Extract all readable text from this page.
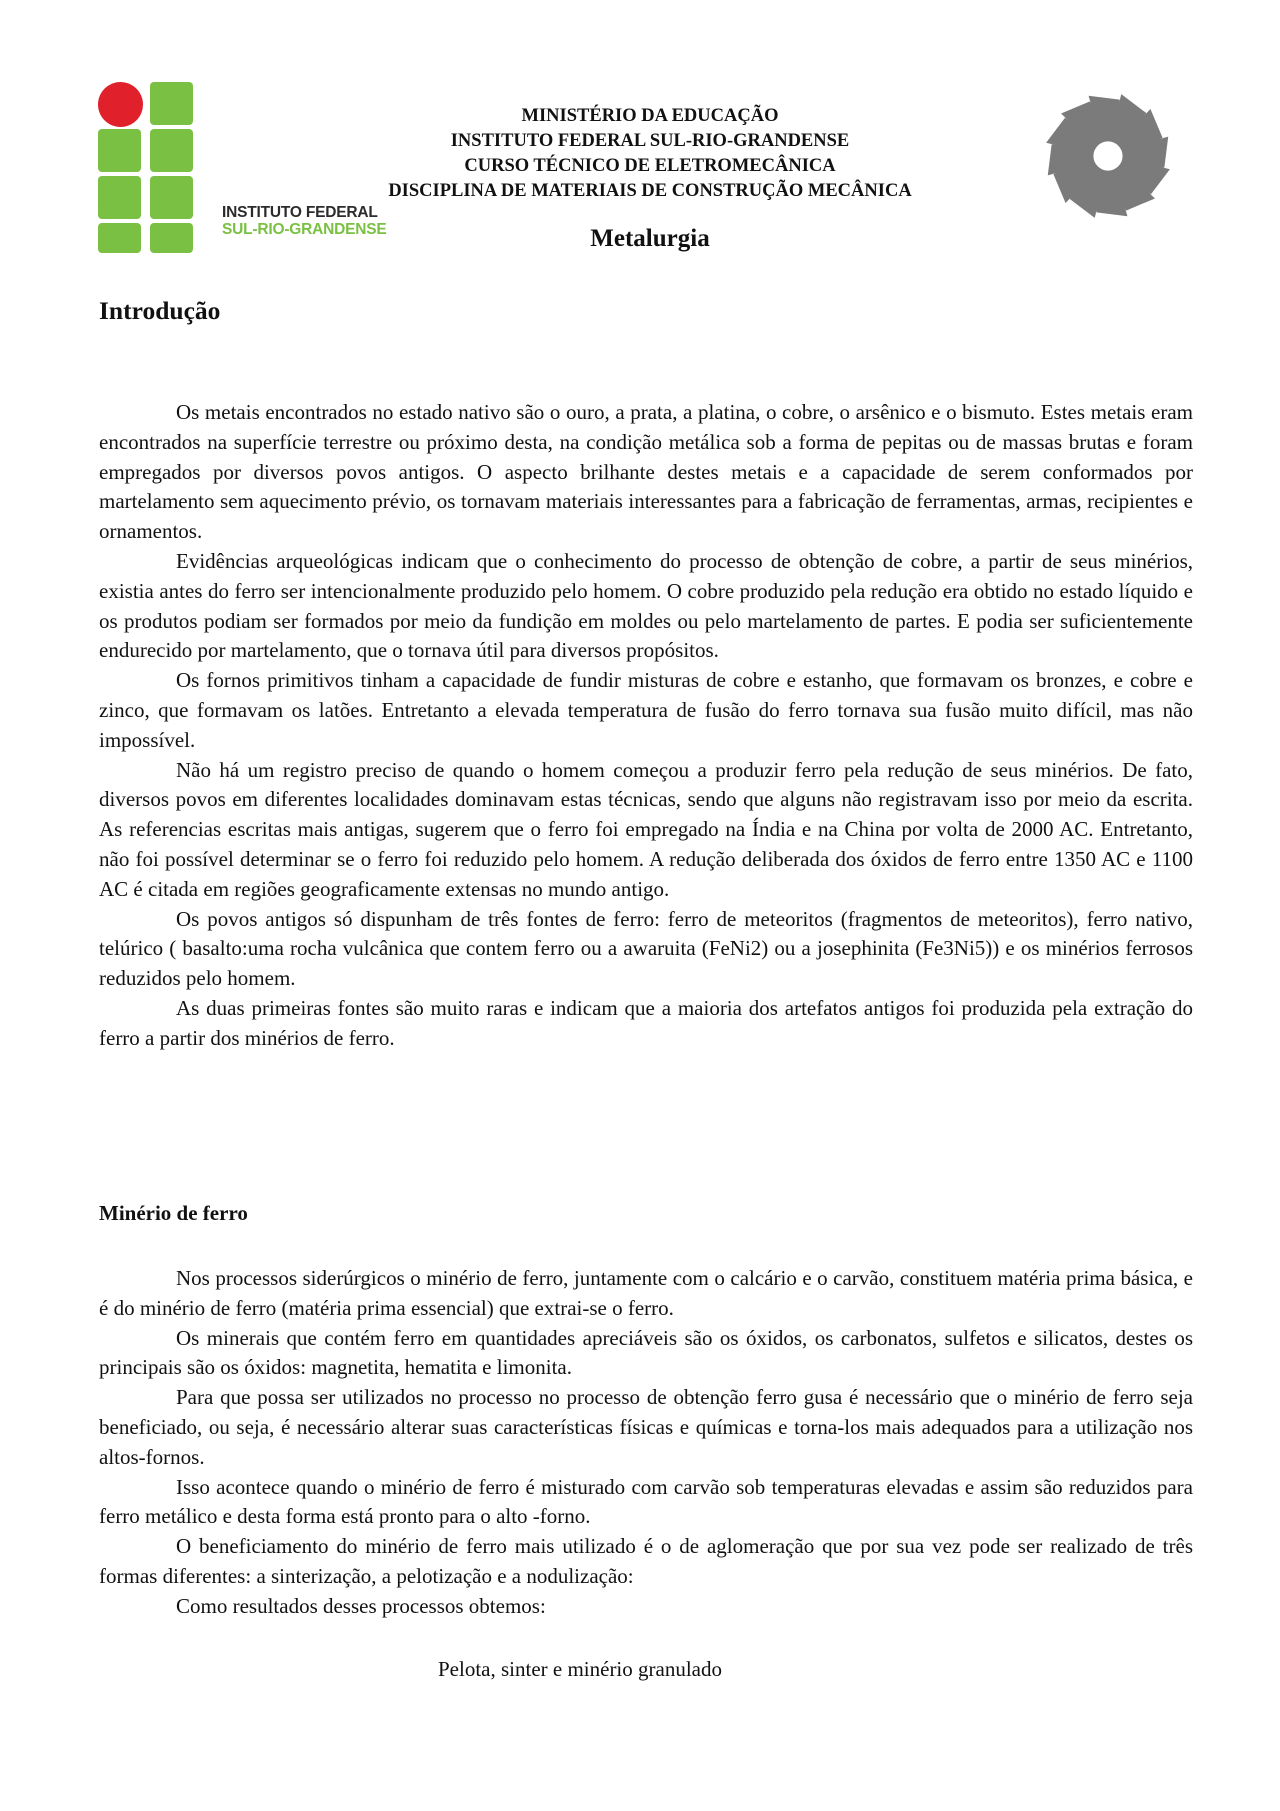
INSTITUTO FEDERAL
SUL-RIO-GRANDENSE
MINISTÉRIO DA EDUCAÇÃO
INSTITUTO FEDERAL SUL-RIO-GRANDENSE
CURSO TÉCNICO DE ELETROMECÂNICA
DISCIPLINA DE MATERIAIS DE CONSTRUÇÃO MECÂNICA
Metalurgia
Introdução

Os metais encontrados no estado nativo são o ouro, a prata, a platina, o cobre, o arsênico e o bismuto. Estes metais eram encontrados na superfície terrestre ou próximo desta, na condição metálica sob a forma de pepitas ou de massas brutas e foram empregados por diversos povos antigos. O aspecto brilhante destes metais e a capacidade de serem conformados por martelamento sem aquecimento prévio, os tornavam materiais interessantes para a fabricação de ferramentas, armas, recipientes e ornamentos.

Evidências arqueológicas indicam que o conhecimento do processo de obtenção de cobre, a partir de seus minérios, existia antes do ferro ser intencionalmente produzido pelo homem. O cobre produzido pela redução era obtido no estado líquido e os produtos podiam ser formados por meio da fundição em moldes ou pelo martelamento de partes. E podia ser suficientemente endurecido por martelamento, que o tornava útil para diversos propósitos.

Os fornos primitivos tinham a capacidade de fundir misturas de cobre e estanho, que formavam os bronzes, e cobre e zinco, que formavam os latões. Entretanto a elevada temperatura de fusão do ferro tornava sua fusão muito difícil, mas não impossível.

Não há um registro preciso de quando o homem começou a produzir ferro pela redução de seus minérios. De fato, diversos povos em diferentes localidades dominavam estas técnicas, sendo que alguns não registravam isso por meio da escrita. As referencias escritas mais antigas, sugerem que o ferro foi empregado na Índia e na China por volta de 2000 AC. Entretanto, não foi possível determinar se o ferro foi reduzido pelo homem. A redução deliberada dos óxidos de ferro entre 1350 AC e 1100 AC é citada em regiões geograficamente extensas no mundo antigo.

Os povos antigos só dispunham de três fontes de ferro: ferro de meteoritos (fragmentos de meteoritos), ferro nativo, telúrico ( basalto:uma rocha vulcânica que contem ferro ou a awaruita (FeNi2) ou a josephinita (Fe3Ni5)) e os minérios ferrosos reduzidos pelo homem.

As duas primeiras fontes são muito raras e indicam que a maioria dos artefatos antigos foi produzida pela extração do ferro a partir dos minérios de ferro.

Minério de ferro

Nos processos siderúrgicos o minério de ferro, juntamente com o calcário e o carvão, constituem matéria prima básica, e é do minério de ferro (matéria prima essencial) que extrai-se o ferro.

Os minerais que contém ferro em quantidades apreciáveis são os óxidos, os carbonatos, sulfetos e silicatos, destes os principais são os óxidos: magnetita, hematita e limonita.

Para que possa ser utilizados no processo no processo de obtenção ferro gusa é necessário que o minério de ferro seja beneficiado, ou seja, é necessário alterar suas características físicas e químicas e torna-los mais adequados para a utilização nos altos-fornos.

Isso acontece quando o minério de ferro é misturado com carvão sob temperaturas elevadas e assim são reduzidos para ferro metálico e desta forma está pronto para o alto -forno.

O beneficiamento do minério de ferro mais utilizado é o de aglomeração que por sua vez pode ser realizado de três formas diferentes: a sinterização, a pelotização e a nodulização:

Como resultados desses processos obtemos:

Pelota, sinter e minério granulado
